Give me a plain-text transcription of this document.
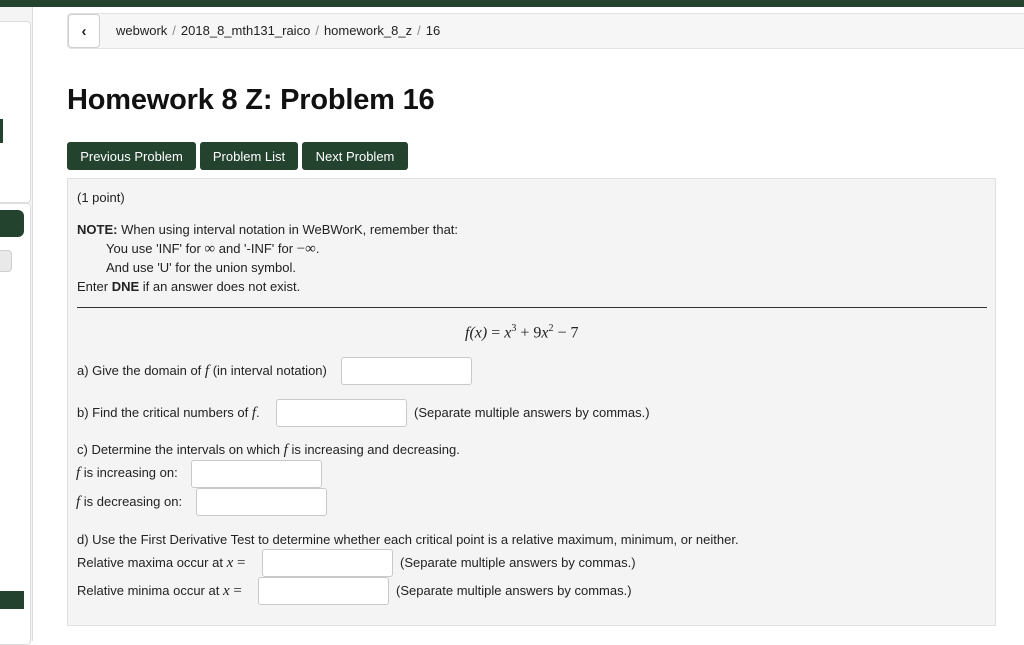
‹ webwork / 2018_8_mth131_raico / homework_8_z / 16
Homework 8 Z: Problem 16
Previous Problem	Problem List	Next Problem
(1 point)
NOTE: When using interval notation in WeBWorK, remember that:
You use 'INF' for ∞ and '-INF' for −∞.
And use 'U' for the union symbol.
Enter DNE if an answer does not exist.
$f(x) = x^3 + 9x^2 - 7$
a) Give the domain of f (in interval notation)
b) Find the critical numbers of f.	(Separate multiple answers by commas.)
c) Determine the intervals on which f is increasing and decreasing.
f is increasing on:
f is decreasing on:
d) Use the First Derivative Test to determine whether each critical point is a relative maximum, minimum, or neither.
Relative maxima occur at x =	(Separate multiple answers by commas.)
Relative minima occur at x =	(Separate multiple answers by commas.)
